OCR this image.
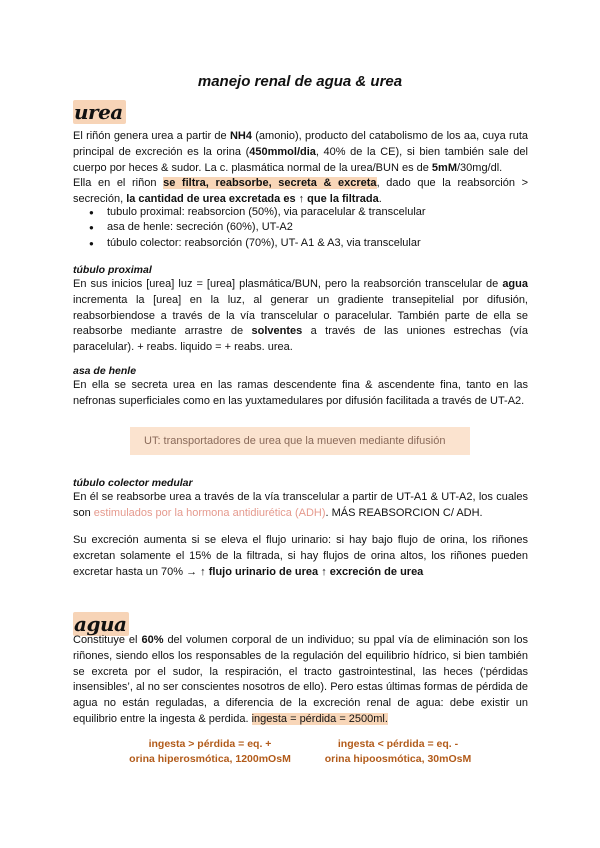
manejo renal de agua & urea
urea

El riñón genera urea a partir de NH4 (amonio), producto del catabolismo de los aa, cuya ruta principal de excreción es la orina (450mmol/dia, 40% de la CE), si bien también sale del cuerpo por heces & sudor. La c. plasmática normal de la urea/BUN es de 5mM/30mg/dl.
Ella en el riñon se filtra, reabsorbe, secreta & excreta, dado que la reabsorción > secreción, la cantidad de urea excretada es ↑ que la filtrada.

● tubulo proximal: reabsorcion (50%), via paracelular & transcelular
● asa de henle: secreción (60%), UT-A2
● túbulo colector: reabsorción (70%), UT- A1 & A3, via transcelular
túbulo proximal

En sus inicios [urea] luz = [urea] plasmática/BUN, pero la reabsorción transcelular de agua incrementa la [urea] en la luz, al generar un gradiente transepitelial por difusión, reabsorbiendose a través de la vía transcelular o paracelular. También parte de ella se reabsorbe mediante arrastre de solventes a través de las uniones estrechas (vía paracelular). + reabs. liquido = + reabs. urea.

asa de henle

En ella se secreta urea en las ramas descendente fina & ascendente fina, tanto en las nefronas superficiales como en las yuxtamedulares por difusión facilitada a través de UT-A2.

UT: transportadores de urea que la mueven mediante difusión
túbulo colector medular

En él se reabsorbe urea a través de la vía transcelular a partir de UT-A1 & UT-A2, los cuales son estimulados por la hormona antidiurética (ADH). MÁS REABSORCION C/ ADH.

Su excreción aumenta si se eleva el flujo urinario: si hay bajo flujo de orina, los riñones excretan solamente el 15% de la filtrada, si hay flujos de orina altos, los riñones pueden excretar hasta un 70% → ↑ flujo urinario de urea ↑ excreción de urea

agua

Constituye el 60% del volumen corporal de un individuo; su ppal vía de eliminación son los riñones, siendo ellos los responsables de la regulación del equilibrio hídrico, si bien también se excreta por el sudor, la respiración, el tracto gastrointestinal, las heces (‘pérdidas insensibles’, al no ser conscientes nosotros de ello). Pero estas últimas formas de pérdida de agua no están reguladas, a diferencia de la excreción renal de agua: debe existir un equilibrio entre la ingesta & perdida. ingesta = pérdida = 2500ml.

ingesta > pérdida = eq. +
orina hiperosmótica, 1200mOsM
ingesta < pérdida = eq. -
orina hipoosmótica, 30mOsM
